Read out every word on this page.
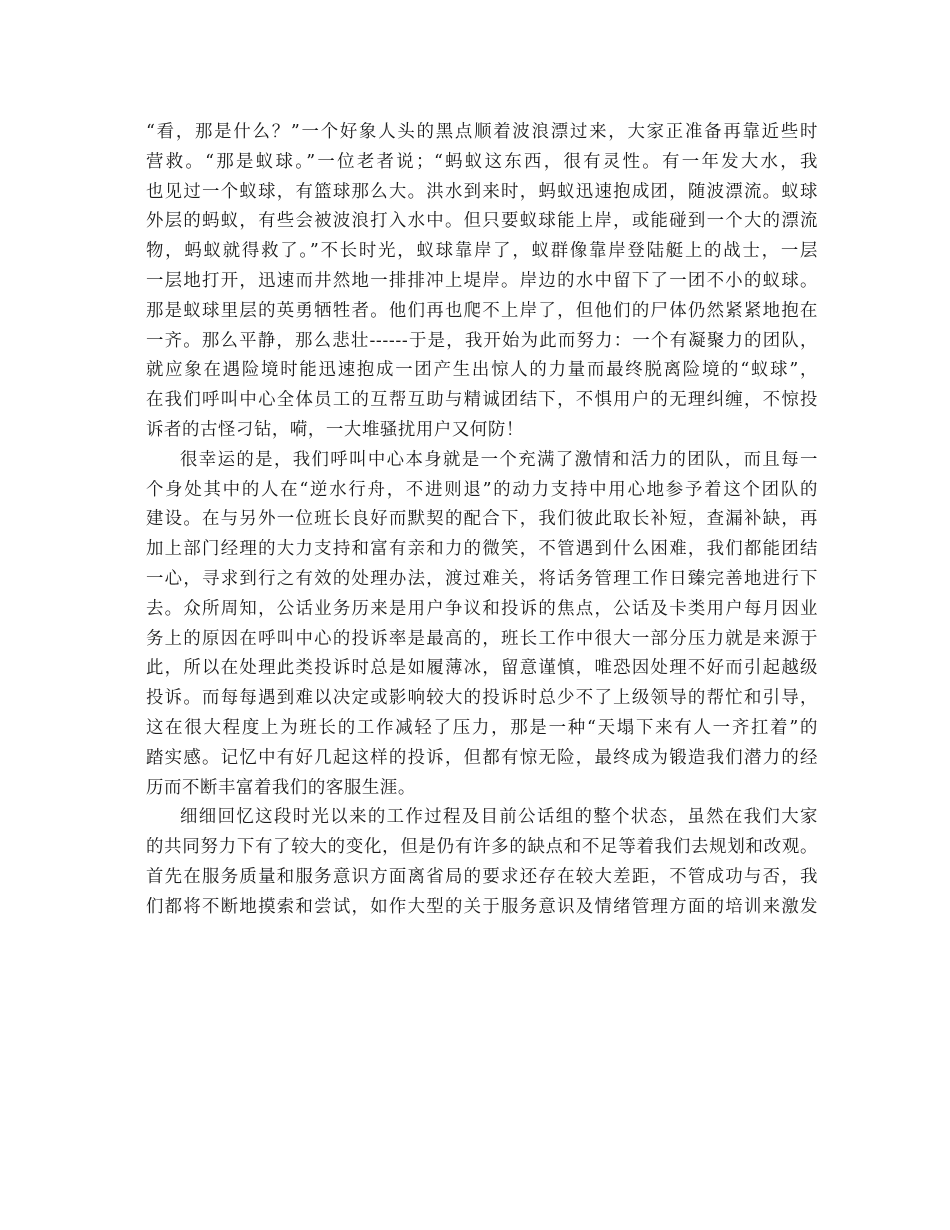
“看，那是什么？”一个好象人头的黑点顺着波浪漂过来，大家正准备再靠近些时
营救。“那是蚁球。”一位老者说；“蚂蚁这东西，很有灵性。有一年发大水，我
也见过一个蚁球，有篮球那么大。洪水到来时，蚂蚁迅速抱成团，随波漂流。蚁球
外层的蚂蚁，有些会被波浪打入水中。但只要蚁球能上岸，或能碰到一个大的漂流
物，蚂蚁就得救了。”不长时光，蚁球靠岸了，蚁群像靠岸登陆艇上的战士，一层
一层地打开，迅速而井然地一排排冲上堤岸。岸边的水中留下了一团不小的蚁球。
那是蚁球里层的英勇牺牲者。他们再也爬不上岸了，但他们的尸体仍然紧紧地抱在
一齐。那么平静，那么悲壮------于是，我开始为此而努力：一个有凝聚力的团队，
就应象在遇险境时能迅速抱成一团产生出惊人的力量而最终脱离险境的“蚁球”，
在我们呼叫中心全体员工的互帮互助与精诚团结下，不惧用户的无理纠缠，不惊投
诉者的古怪刁钻，嗬，一大堆骚扰用户又何防！
很幸运的是，我们呼叫中心本身就是一个充满了激情和活力的团队，而且每一
个身处其中的人在“逆水行舟，不进则退”的动力支持中用心地参予着这个团队的
建设。在与另外一位班长良好而默契的配合下，我们彼此取长补短，查漏补缺，再
加上部门经理的大力支持和富有亲和力的微笑，不管遇到什么困难，我们都能团结
一心，寻求到行之有效的处理办法，渡过难关，将话务管理工作日臻完善地进行下
去。众所周知，公话业务历来是用户争议和投诉的焦点，公话及卡类用户每月因业
务上的原因在呼叫中心的投诉率是最高的，班长工作中很大一部分压力就是来源于
此，所以在处理此类投诉时总是如履薄冰，留意谨慎，唯恐因处理不好而引起越级
投诉。而每每遇到难以决定或影响较大的投诉时总少不了上级领导的帮忙和引导，
这在很大程度上为班长的工作减轻了压力，那是一种“天塌下来有人一齐扛着”的
踏实感。记忆中有好几起这样的投诉，但都有惊无险，最终成为锻造我们潜力的经
历而不断丰富着我们的客服生涯。
细细回忆这段时光以来的工作过程及目前公话组的整个状态，虽然在我们大家
的共同努力下有了较大的变化，但是仍有许多的缺点和不足等着我们去规划和改观。
首先在服务质量和服务意识方面离省局的要求还存在较大差距，不管成功与否，我
们都将不断地摸索和尝试，如作大型的关于服务意识及情绪管理方面的培训来激发
